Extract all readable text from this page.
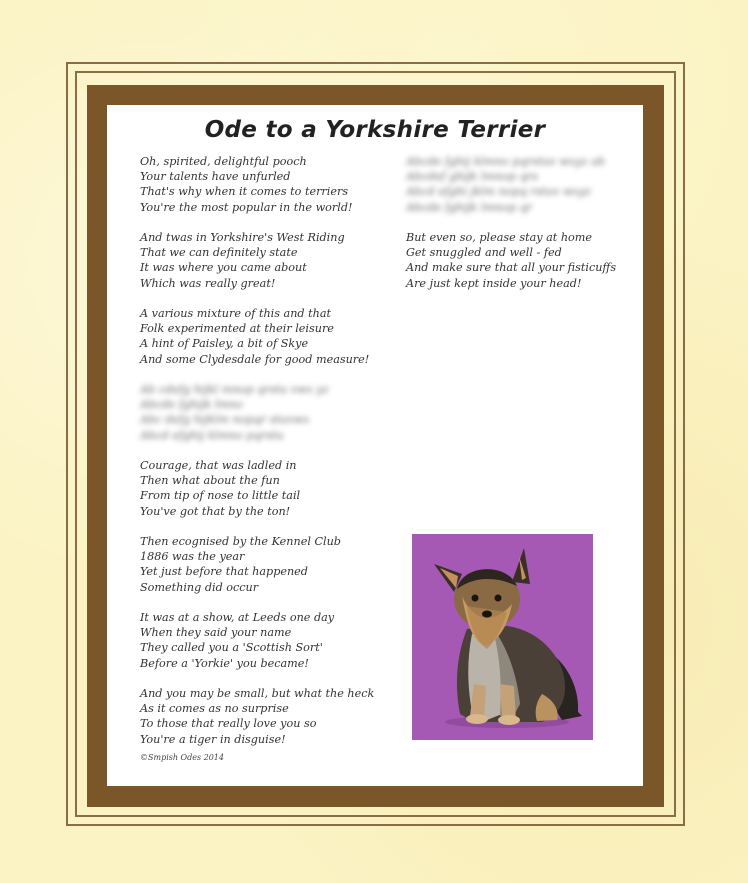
Ode to a Yorkshire Terrier
Oh, spirited, delightful pooch
Your talents have unfurled
That's why when it comes to terriers
You're the most popular in the world!
And twas in Yorkshire's West Riding
That we can definitely state
It was where you came about
Which was really great!
A various mixture of this and that
Folk experimented at their leisure
A hint of Paisley, a bit of Skye
And some Clydesdale for good measure!
Ab cdefg hijkl mnop qrstu vwx yz
Abcde fghijk lmno
Abc defg hijklm nopqr stuvwx
Abcd efghij klmno pqrstu
Courage, that was ladled in
Then what about the fun
From tip of nose to little tail
You've got that by the ton!
Then ecognised by the Kennel Club
1886 was the year
Yet just before that happened
Something did occur
It was at a show, at Leeds one day
When they said your name
They called you a 'Scottish Sort'
Before a 'Yorkie' you became!
And you may be small, but what the heck
As it comes as no surprise
To those that really love you so
You're a tiger in disguise!
Abcde fghij klmno pqrstuv wxyz ab
Abcdef ghijk lmnop qrs
Abcd efghi jklm nopq rstuv wxyz
Abcde fghijk lmnop qr
But even so, please stay at home
Get snuggled and well - fed
And make sure that all your fisticuffs
Are just kept inside your head!
©Smpish Odes 2014
